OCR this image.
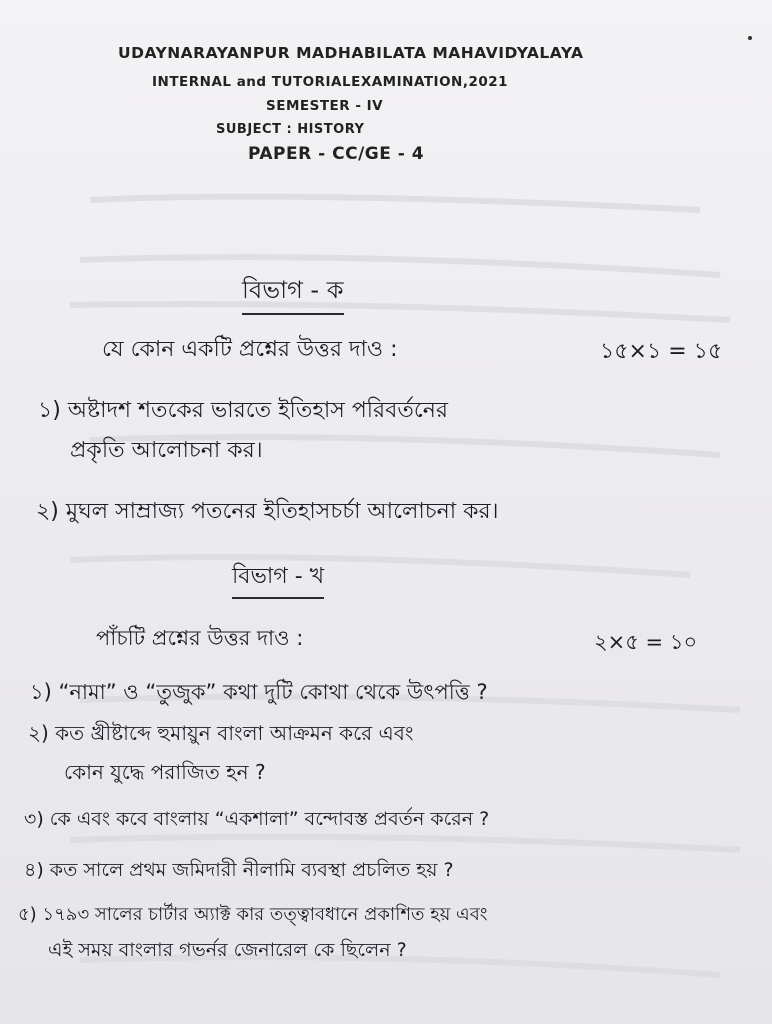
UDAYNARAYANPUR MADHABILATA MAHAVIDYALAYA
INTERNAL and TUTORIALEXAMINATION,2021
SEMESTER - IV
SUBJECT : HISTORY
PAPER - CC/GE - 4
বিভাগ - ক
যে কোন একটি প্রশ্নের উত্তর দাও :	১৫×১ = ১৫
১) অষ্টাদশ শতকের ভারতে ইতিহাস পরিবর্তনের
প্রকৃতি আলোচনা কর।
২) মুঘল সাম্রাজ্য পতনের ইতিহাসচর্চা আলোচনা কর।
বিভাগ - খ
পাঁচটি প্রশ্নের উত্তর দাও :	২×৫ = ১০
১) “নামা” ও “তুজুক” কথা দুটি কোথা থেকে উৎপত্তি ?
২) কত খ্রীষ্টাব্দে হুমায়ুন বাংলা আক্রমন করে এবং
কোন যুদ্ধে পরাজিত হন ?
৩) কে এবং কবে বাংলায় “একশালা” বন্দোবস্ত প্রবর্তন করেন ?
৪) কত সালে প্রথম জমিদারী নীলামি ব্যবস্থা প্রচলিত হয় ?
৫) ১৭৯৩ সালের চার্টার অ্যাক্ট কার তত্ত্বাবধানে প্রকাশিত হয় এবং
এই সময় বাংলার গভর্নর জেনারেল কে ছিলেন ?
